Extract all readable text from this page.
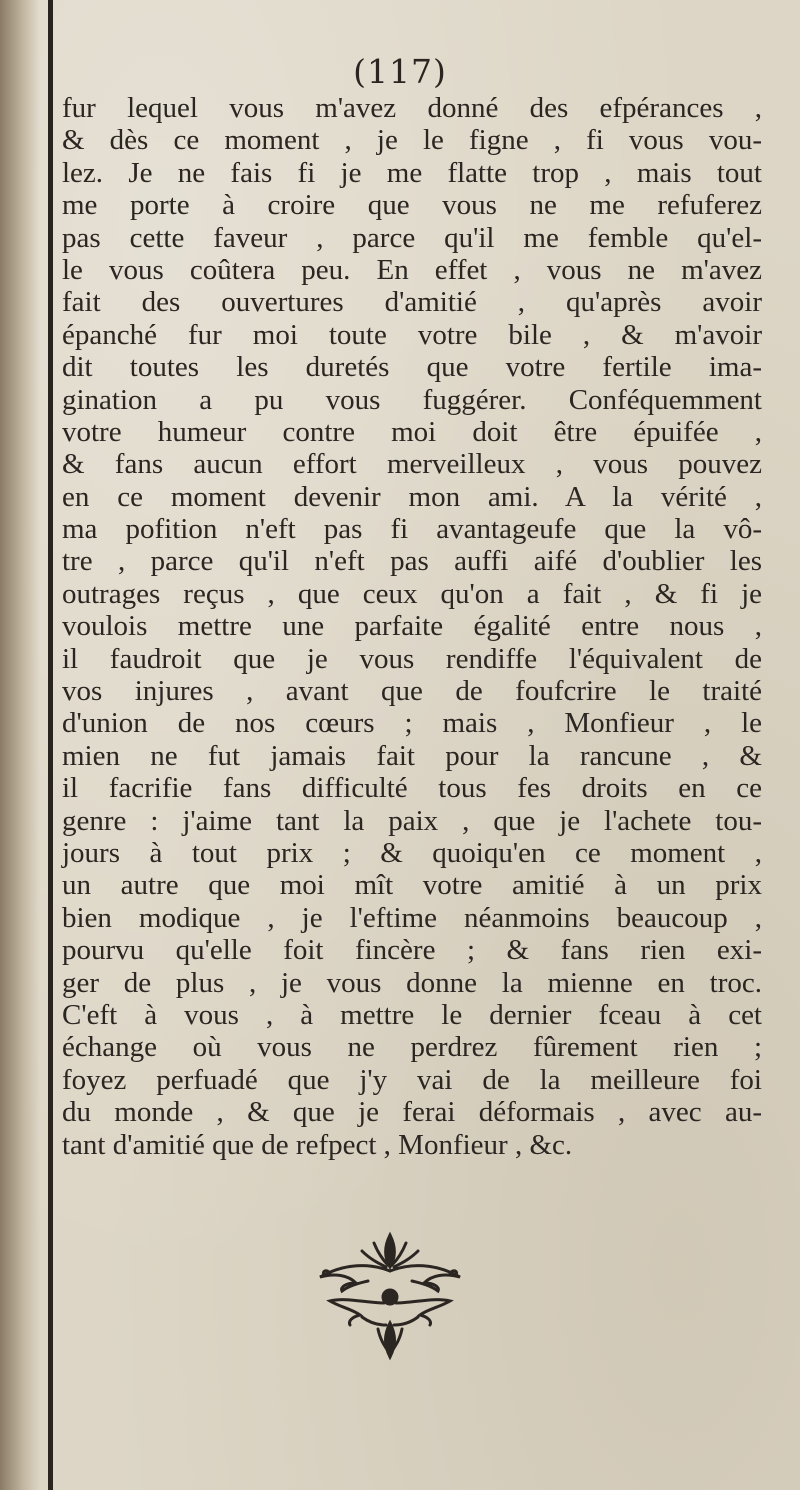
(117)
fur lequel vous m'avez donné des efpérances ,
& dès ce moment , je le figne , fi vous vou-
lez. Je ne fais fi je me flatte trop , mais tout
me porte à croire que vous ne me refuferez
pas cette faveur , parce qu'il me femble qu'el-
le vous coûtera peu. En effet , vous ne m'avez
fait des ouvertures d'amitié , qu'après avoir
épanché fur moi toute votre bile , & m'avoir
dit toutes les duretés que votre fertile ima-
gination a pu vous fuggérer. Conféquemment
votre humeur contre moi doit être épuifée ,
& fans aucun effort merveilleux , vous pouvez
en ce moment devenir mon ami. A la vérité ,
ma pofition n'eft pas fi avantageufe que la vô-
tre , parce qu'il n'eft pas auffi aifé d'oublier les
outrages reçus , que ceux qu'on a fait , & fi je
voulois mettre une parfaite égalité entre nous ,
il faudroit que je vous rendiffe l'équivalent de
vos injures , avant que de foufcrire le traité
d'union de nos cœurs ; mais , Monfieur , le
mien ne fut jamais fait pour la rancune , &
il facrifie fans difficulté tous fes droits en ce
genre : j'aime tant la paix , que je l'achete tou-
jours à tout prix ; & quoiqu'en ce moment ,
un autre que moi mît votre amitié à un prix
bien modique , je l'eftime néanmoins beaucoup ,
pourvu qu'elle foit fincère ; & fans rien exi-
ger de plus , je vous donne la mienne en troc.
C'eft à vous , à mettre le dernier fceau à cet
échange où vous ne perdrez fûrement rien ;
foyez perfuadé que j'y vai de la meilleure foi
du monde , & que je ferai déformais , avec au-
tant d'amitié que de refpect , Monfieur , &c.
